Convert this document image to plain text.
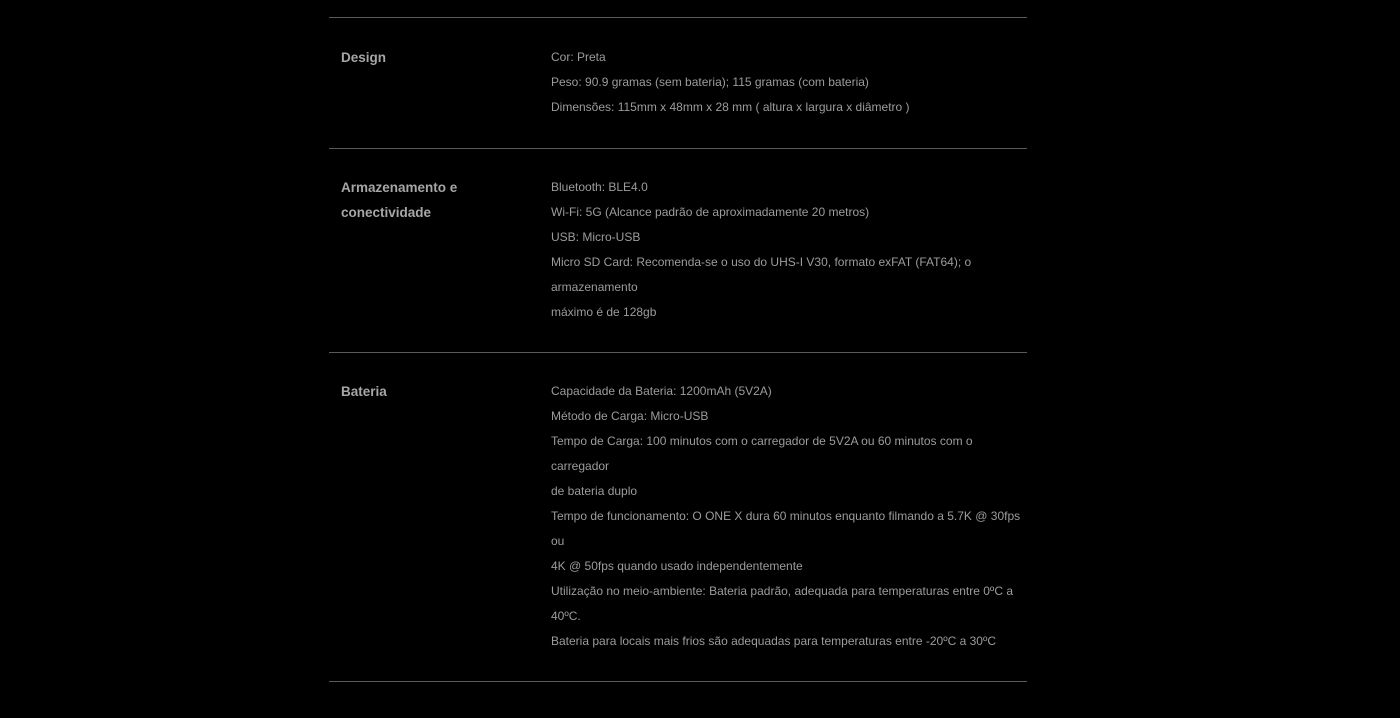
Design	Cor: Preta
Peso: 90.9 gramas (sem bateria); 115 gramas (com bateria)
Dimensões: 115mm x 48mm x 28 mm ( altura x largura x diâmetro )
Armazenamento e conectividade
Bluetooth: BLE4.0
Wi-Fi: 5G (Alcance padrão de aproximadamente 20 metros)
USB: Micro-USB
Micro SD Card: Recomenda-se o uso do UHS-I V30, formato exFAT (FAT64); o armazenamento
máximo é de 128gb
Bateria	Capacidade da Bateria: 1200mAh (5V2A)
Método de Carga: Micro-USB
Tempo de Carga: 100 minutos com o carregador de 5V2A ou 60 minutos com o carregador
de bateria duplo
Tempo de funcionamento: O ONE X dura 60 minutos enquanto filmando a 5.7K @ 30fps ou
4K @ 50fps quando usado independentemente
Utilização no meio-ambiente: Bateria padrão, adequada para temperaturas entre 0ºC a 40ºC.
Bateria para locais mais frios são adequadas para temperaturas entre -20ºC a 30ºC
